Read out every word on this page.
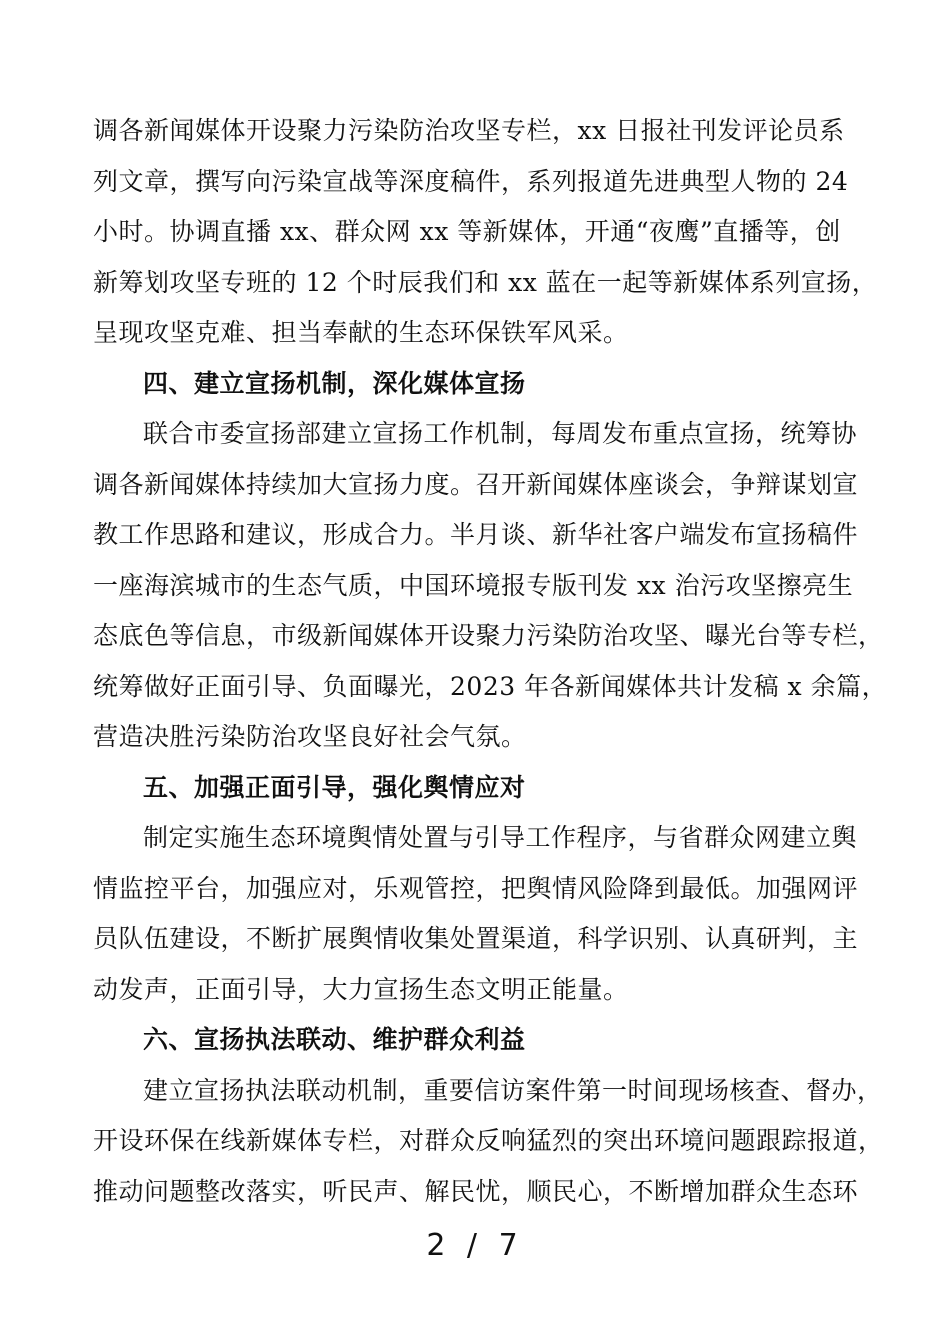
调各新闻媒体开设聚力污染防治攻坚专栏，xx 日报社刊发评论员系
列文章，撰写向污染宣战等深度稿件，系列报道先进典型人物的 24
小时。协调直播 xx、群众网 xx 等新媒体，开通“夜鹰”直播等，创
新筹划攻坚专班的 12 个时辰我们和 xx 蓝在一起等新媒体系列宣扬，
呈现攻坚克难、担当奉献的生态环保铁军风采。
四、建立宣扬机制，深化媒体宣扬
联合市委宣扬部建立宣扬工作机制，每周发布重点宣扬，统筹协
调各新闻媒体持续加大宣扬力度。召开新闻媒体座谈会，争辩谋划宣
教工作思路和建议，形成合力。半月谈、新华社客户端发布宣扬稿件
一座海滨城市的生态气质，中国环境报专版刊发 xx 治污攻坚擦亮生
态底色等信息，市级新闻媒体开设聚力污染防治攻坚、曝光台等专栏，
统筹做好正面引导、负面曝光，2023 年各新闻媒体共计发稿 x 余篇，
营造决胜污染防治攻坚良好社会气氛。
五、加强正面引导，强化舆情应对
制定实施生态环境舆情处置与引导工作程序，与省群众网建立舆
情监控平台，加强应对，乐观管控，把舆情风险降到最低。加强网评
员队伍建设，不断扩展舆情收集处置渠道，科学识别、认真研判，主
动发声，正面引导，大力宣扬生态文明正能量。
六、宣扬执法联动、维护群众利益
建立宣扬执法联动机制，重要信访案件第一时间现场核查、督办，
开设环保在线新媒体专栏，对群众反响猛烈的突出环境问题跟踪报道，
推动问题整改落实，听民声、解民忧，顺民心，不断增加群众生态环
2 / 7
